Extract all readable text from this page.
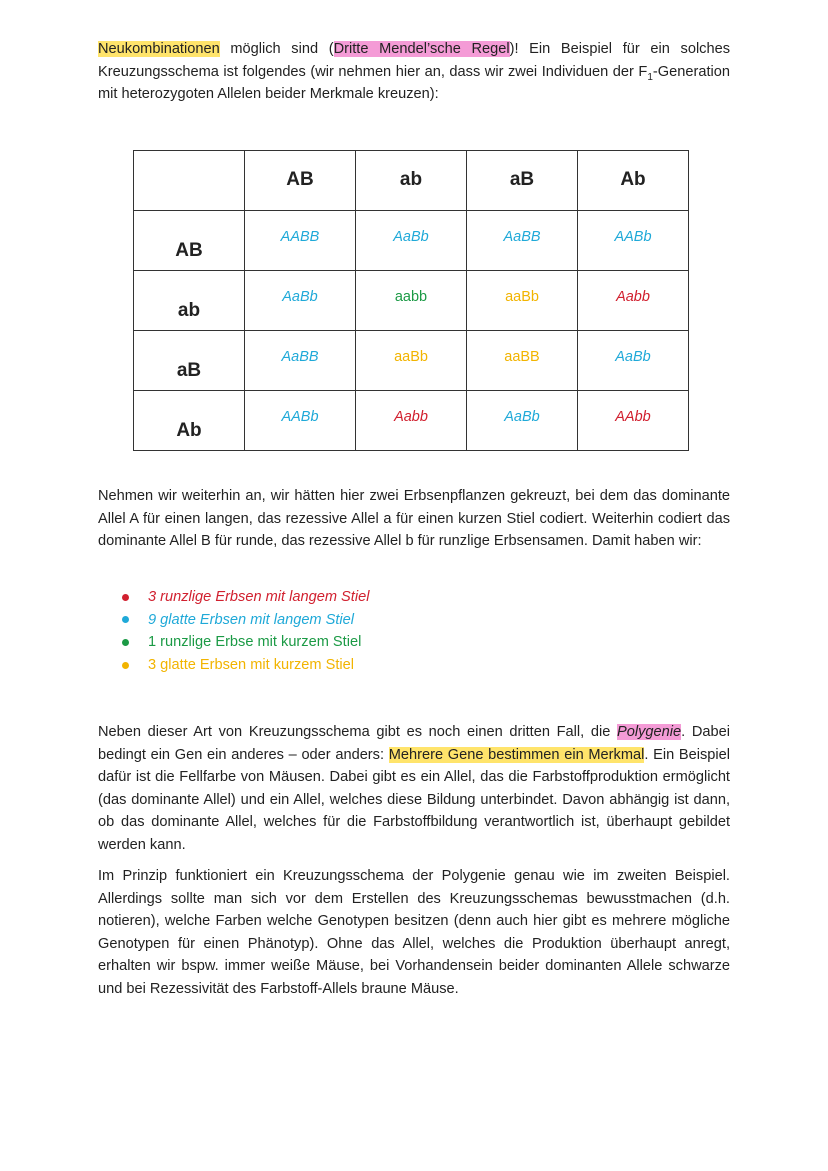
Neukombinationen möglich sind (Dritte Mendel’sche Regel)! Ein Beispiel für ein solches Kreuzungsschema ist folgendes (wir nehmen hier an, dass wir zwei Individuen der $F_1$-Generation mit heterozygoten Allelen beider Merkmale kreuzen):

	AB	ab	aB	Ab
AB	AABB	AaBb	AaBB	AABb
ab	AaBb	aabb	aaBb	Aabb
aB	AaBB	aaBb	aaBB	AaBb
Ab	AABb	Aabb	AaBb	AAbb

Nehmen wir weiterhin an, wir hätten hier zwei Erbsenpflanzen gekreuzt, bei dem das dominante Allel A für einen langen, das rezessive Allel a für einen kurzen Stiel codiert. Weiterhin codiert das dominante Allel B für runde, das rezessive Allel b für runzlige Erbsensamen. Damit haben wir:

3 runzlige Erbsen mit langem Stiel
9 glatte Erbsen mit langem Stiel
1 runzlige Erbse mit kurzem Stiel
3 glatte Erbsen mit kurzem Stiel

Neben dieser Art von Kreuzungsschema gibt es noch einen dritten Fall, die Polygenie. Dabei bedingt ein Gen ein anderes – oder anders: Mehrere Gene bestimmen ein Merkmal. Ein Beispiel dafür ist die Fellfarbe von Mäusen. Dabei gibt es ein Allel, das die Farbstoffproduktion ermöglicht (das dominante Allel) und ein Allel, welches diese Bildung unterbindet. Davon abhängig ist dann, ob das dominante Allel, welches für die Farbstoffbildung verantwortlich ist, überhaupt gebildet werden kann.

Im Prinzip funktioniert ein Kreuzungsschema der Polygenie genau wie im zweiten Beispiel. Allerdings sollte man sich vor dem Erstellen des Kreuzungsschemas bewusstmachen (d.h. notieren), welche Farben welche Genotypen besitzen (denn auch hier gibt es mehrere mögliche Genotypen für einen Phänotyp). Ohne das Allel, welches die Produktion überhaupt anregt, erhalten wir bspw. immer weiße Mäuse, bei Vorhandensein beider dominanten Allele schwarze und bei Rezessivität des Farbstoff-Allels braune Mäuse.
